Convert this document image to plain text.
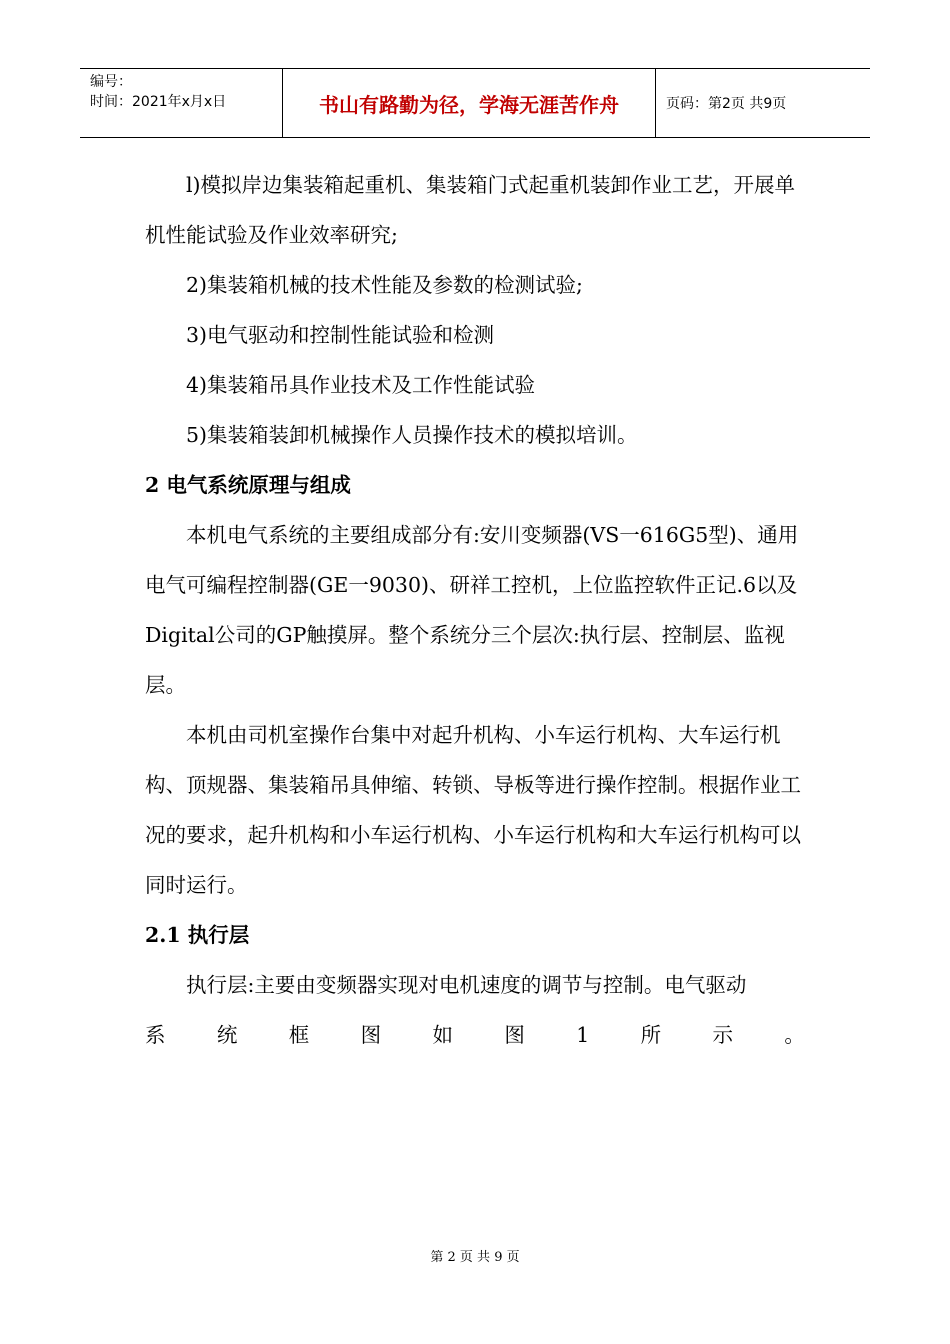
编号：
时间：2021年x月x日	书山有路勤为径，学海无涯苦作舟	页码：第2页 共9页

l)模拟岸边集装箱起重机、集装箱门式起重机装卸作业工艺，开展单机性能试验及作业效率研究;

2)集装箱机械的技术性能及参数的检测试验;

3)电气驱动和控制性能试验和检测

4)集装箱吊具作业技术及工作性能试验

5)集装箱装卸机械操作人员操作技术的模拟培训。

2 电气系统原理与组成

本机电气系统的主要组成部分有:安川变频器(VS一616G5型)、通用电气可编程控制器(GE一9030)、研祥工控机，上位监控软件正记.6以及Digital公司的GP触摸屏。整个系统分三个层次:执行层、控制层、监视层。

本机由司机室操作台集中对起升机构、小车运行机构、大车运行机构、顶规器、集装箱吊具伸缩、转锁、导板等进行操作控制。根据作业工况的要求，起升机构和小车运行机构、小车运行机构和大车运行机构可以同时运行。

2.1 执行层

执行层:主要由变频器实现对电机速度的调节与控制。电气驱动

系	统	框	图	如	图	1	所	示	。

第 2 页 共 9 页
